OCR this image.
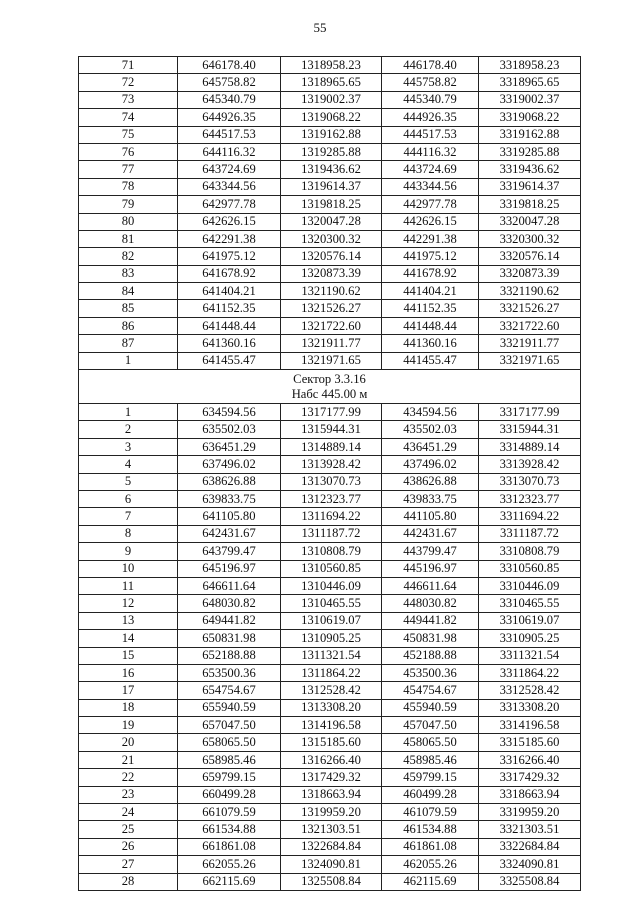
55
71	646178.40	1318958.23	446178.40	3318958.23
72	645758.82	1318965.65	445758.82	3318965.65
73	645340.79	1319002.37	445340.79	3319002.37
74	644926.35	1319068.22	444926.35	3319068.22
75	644517.53	1319162.88	444517.53	3319162.88
76	644116.32	1319285.88	444116.32	3319285.88
77	643724.69	1319436.62	443724.69	3319436.62
78	643344.56	1319614.37	443344.56	3319614.37
79	642977.78	1319818.25	442977.78	3319818.25
80	642626.15	1320047.28	442626.15	3320047.28
81	642291.38	1320300.32	442291.38	3320300.32
82	641975.12	1320576.14	441975.12	3320576.14
83	641678.92	1320873.39	441678.92	3320873.39
84	641404.21	1321190.62	441404.21	3321190.62
85	641152.35	1321526.27	441152.35	3321526.27
86	641448.44	1321722.60	441448.44	3321722.60
87	641360.16	1321911.77	441360.16	3321911.77
1	641455.47	1321971.65	441455.47	3321971.65

Сектор 3.3.16
Набс 445.00 м				

1	634594.56	1317177.99	434594.56	3317177.99
2	635502.03	1315944.31	435502.03	3315944.31
3	636451.29	1314889.14	436451.29	3314889.14
4	637496.02	1313928.42	437496.02	3313928.42
5	638626.88	1313070.73	438626.88	3313070.73
6	639833.75	1312323.77	439833.75	3312323.77
7	641105.80	1311694.22	441105.80	3311694.22
8	642431.67	1311187.72	442431.67	3311187.72
9	643799.47	1310808.79	443799.47	3310808.79
10	645196.97	1310560.85	445196.97	3310560.85
11	646611.64	1310446.09	446611.64	3310446.09
12	648030.82	1310465.55	448030.82	3310465.55
13	649441.82	1310619.07	449441.82	3310619.07
14	650831.98	1310905.25	450831.98	3310905.25
15	652188.88	1311321.54	452188.88	3311321.54
16	653500.36	1311864.22	453500.36	3311864.22
17	654754.67	1312528.42	454754.67	3312528.42
18	655940.59	1313308.20	455940.59	3313308.20
19	657047.50	1314196.58	457047.50	3314196.58
20	658065.50	1315185.60	458065.50	3315185.60
21	658985.46	1316266.40	458985.46	3316266.40
22	659799.15	1317429.32	459799.15	3317429.32
23	660499.28	1318663.94	460499.28	3318663.94
24	661079.59	1319959.20	461079.59	3319959.20
25	661534.88	1321303.51	461534.88	3321303.51
26	661861.08	1322684.84	461861.08	3322684.84
27	662055.26	1324090.81	462055.26	3324090.81
28	662115.69	1325508.84	462115.69	3325508.84
